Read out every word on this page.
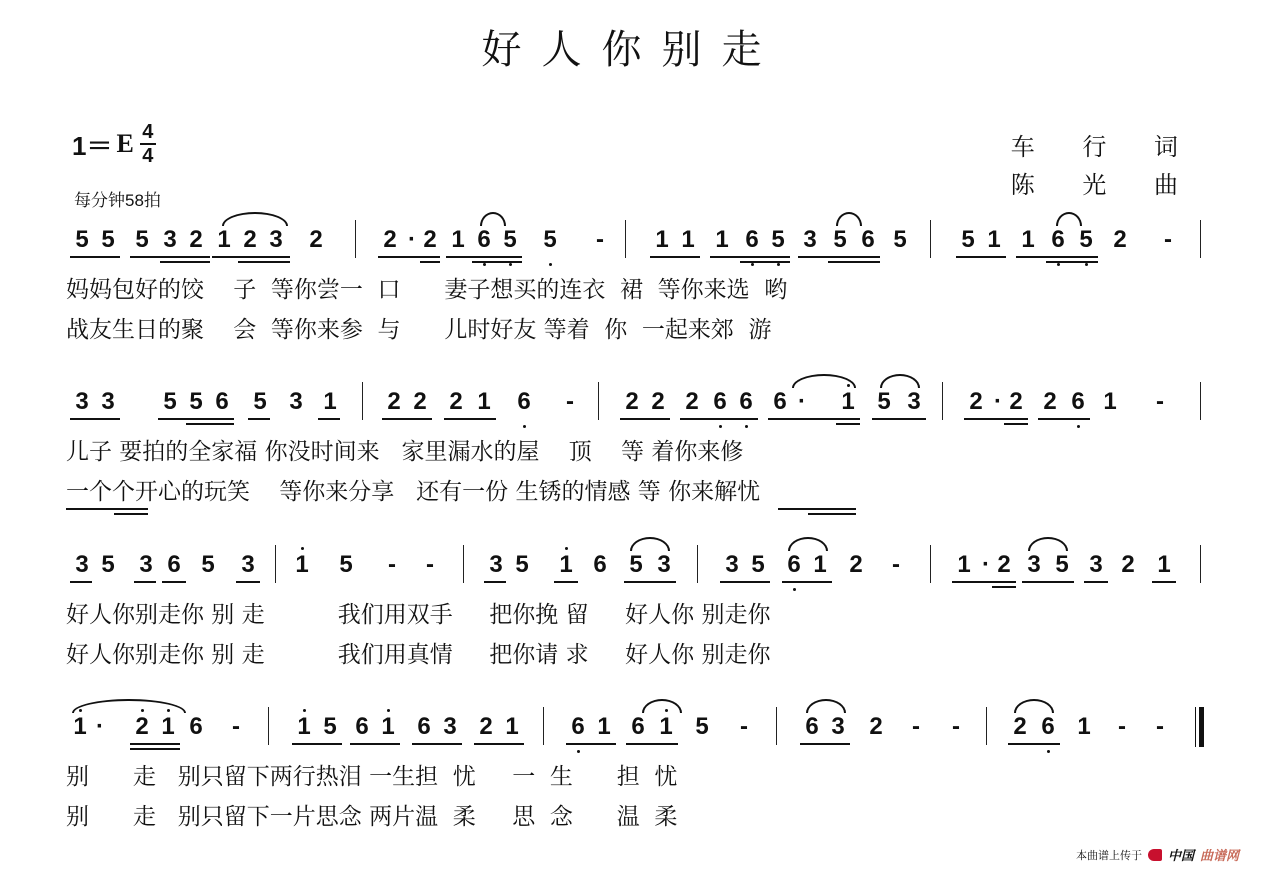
好人你别走
1＝ E $\frac{4}{4}$
每分钟58拍
车 行 词
陈 光 曲
5 5 5 3 2 1 2 3 2	2 · 2 1 6 5 5 - 1 1 1 6 5 3 5 6 5 5 1 1 6 5 2 -
妈妈包好的饺    子  等你尝一  口      妻子想买的连衣  裙  等你来选  哟
战友生日的聚    会  等你来参  与      儿时好友 等着  你  一起来郊  游
3 3 5 5 6 5 3 1 2 2 2 1 6 - 2 2 2 6 6 6 · 1 5 3 2 · 2 2 6 1 -
儿子 要拍的全家福 你没时间来   家里漏水的屋    顶    等 着你来修
一个个开心的玩笑    等你来分享   还有一份 生锈的情感 等 你来解忧
3 5 3 6 5 3 1 5 - - 3 5 1 6 5 3 3 5 6 1 2 - 1 · 2 3 5 3 2 1
好人你别走你 别 走          我们用双手     把你挽 留     好人你 别走你
好人你别走你 别 走          我们用真情     把你请 求     好人你 别走你
1 · 2 1 6 - 1 5 6 1 6 3 2 1 6 1 6 1 5 - 6 3 2 - - 2 6 1 - -
别      走   别只留下两行热泪 一生担  忧     一  生      担  忧
别      走   别只留下一片思念 两片温  柔     思  念      温  柔
本曲谱上传于 中国 曲谱网
